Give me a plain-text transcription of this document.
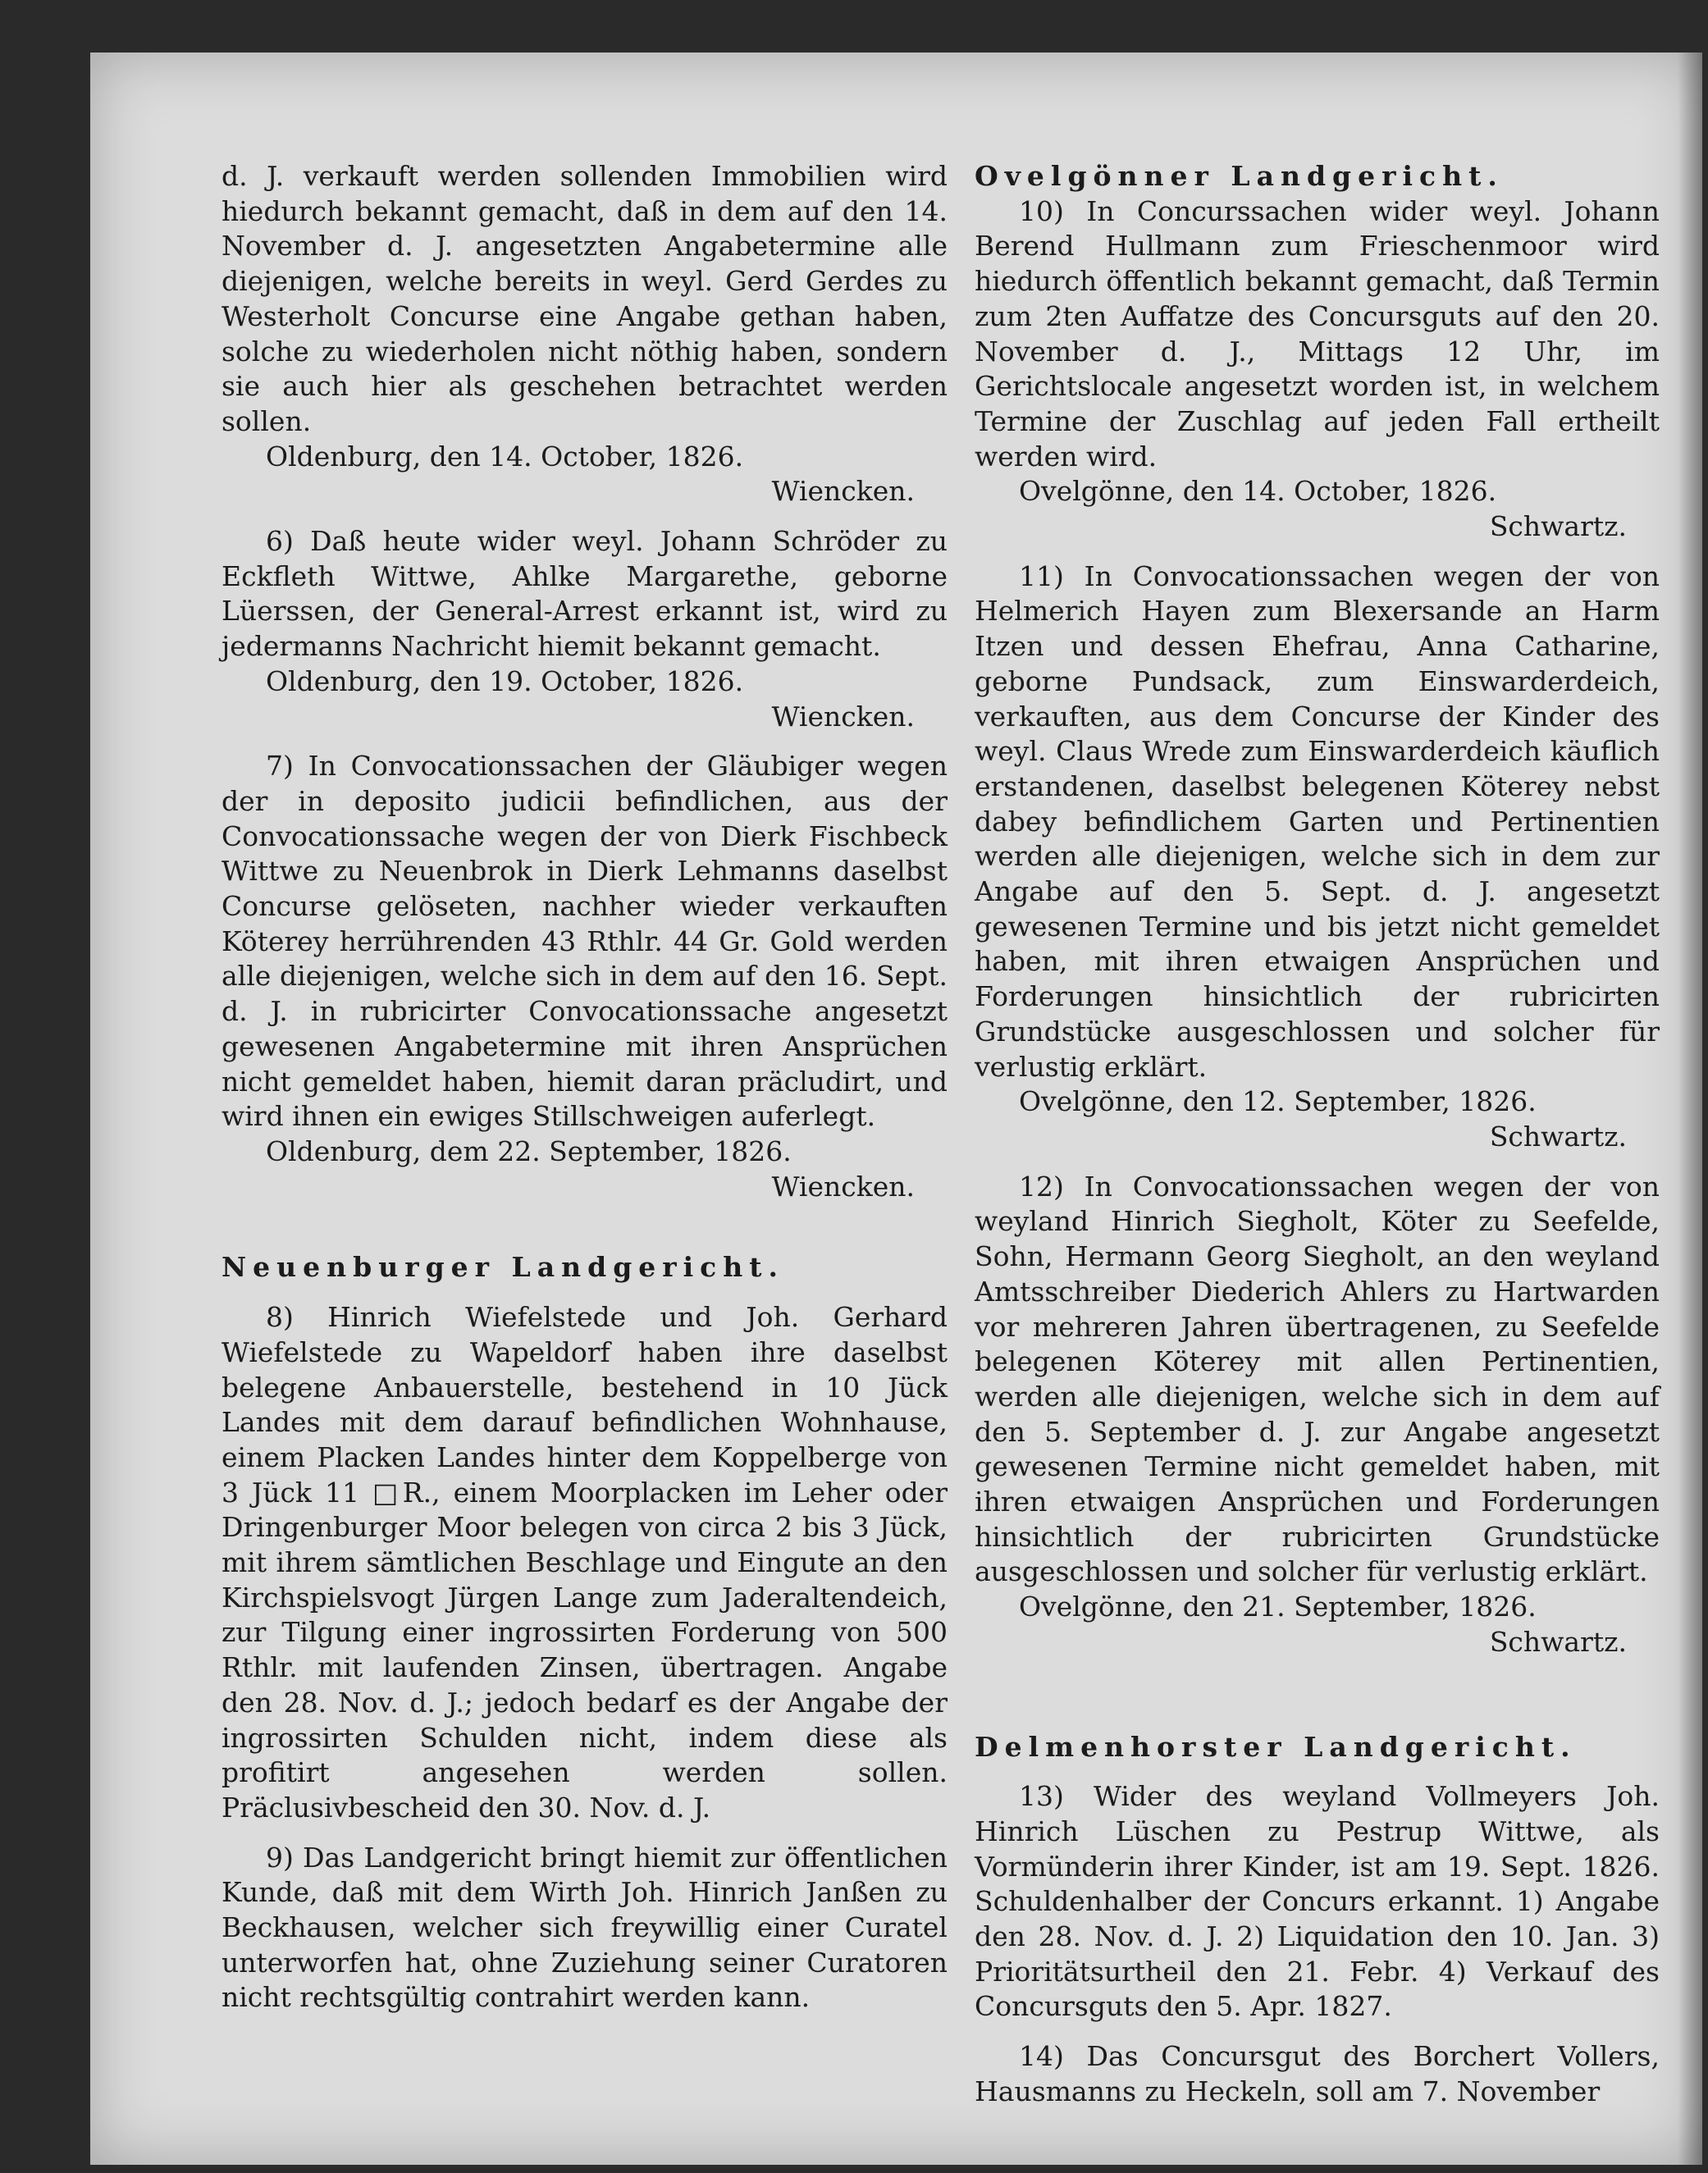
d. J. verkauft werden sollenden Immobilien wird hiedurch bekannt gemacht, daß in dem auf den 14. November d. J. angesetzten Angabetermine alle diejenigen, welche bereits in weyl. Gerd Gerdes zu Westerholt Concurse eine Angabe gethan haben, solche zu wiederholen nicht nöthig haben, sondern sie auch hier als geschehen betrachtet werden sollen.

Oldenburg, den 14. October, 1826.

Wiencken.

6) Daß heute wider weyl. Johann Schröder zu Eckfleth Wittwe, Ahlke Margarethe, geborne Lüerssen, der General-Arrest erkannt ist, wird zu jedermanns Nachricht hiemit bekannt gemacht.

Oldenburg, den 19. October, 1826.

Wiencken.

7) In Convocationssachen der Gläubiger wegen der in deposito judicii befindlichen, aus der Convocationssache wegen der von Dierk Fischbeck Wittwe zu Neuenbrok in Dierk Lehmanns daselbst Concurse gelöseten, nachher wieder verkauften Köterey herrührenden 43 Rthlr. 44 Gr. Gold werden alle diejenigen, welche sich in dem auf den 16. Sept. d. J. in rubricirter Convocationssache angesetzt gewesenen Angabetermine mit ihren Ansprüchen nicht gemeldet haben, hiemit daran präcludirt, und wird ihnen ein ewiges Stillschweigen auferlegt.

Oldenburg, dem 22. September, 1826.

Wiencken.

Neuenburger Landgericht.

8) Hinrich Wiefelstede und Joh. Gerhard Wiefelstede zu Wapeldorf haben ihre daselbst belegene Anbauerstelle, bestehend in 10 Jück Landes mit dem darauf befindlichen Wohnhause, einem Placken Landes hinter dem Koppelberge von 3 Jück 11 □R., einem Moorplacken im Leher oder Dringenburger Moor belegen von circa 2 bis 3 Jück, mit ihrem sämtlichen Beschlage und Eingute an den Kirchspielsvogt Jürgen Lange zum Jaderaltendeich, zur Tilgung einer ingrossirten Forderung von 500 Rthlr. mit laufenden Zinsen, übertragen. Angabe den 28. Nov. d. J.; jedoch bedarf es der Angabe der ingrossirten Schulden nicht, indem diese als profitirt angesehen werden sollen. Präclusivbescheid den 30. Nov. d. J.

9) Das Landgericht bringt hiemit zur öffentlichen Kunde, daß mit dem Wirth Joh. Hinrich Janßen zu Beckhausen, welcher sich freywillig einer Curatel unterworfen hat, ohne Zuziehung seiner Curatoren nicht rechtsgültig contrahirt werden kann.

Ovelgönner Landgericht.

10) In Concurssachen wider weyl. Johann Berend Hullmann zum Frieschenmoor wird hiedurch öffentlich bekannt gemacht, daß Termin zum 2ten Auffatze des Concursguts auf den 20. November d. J., Mittags 12 Uhr, im Gerichtslocale angesetzt worden ist, in welchem Termine der Zuschlag auf jeden Fall ertheilt werden wird.

Ovelgönne, den 14. October, 1826.

Schwartz.

11) In Convocationssachen wegen der von Helmerich Hayen zum Blexersande an Harm Itzen und dessen Ehefrau, Anna Catharine, geborne Pundsack, zum Einswarderdeich, verkauften, aus dem Concurse der Kinder des weyl. Claus Wrede zum Einswarderdeich käuflich erstandenen, daselbst belegenen Köterey nebst dabey befindlichem Garten und Pertinentien werden alle diejenigen, welche sich in dem zur Angabe auf den 5. Sept. d. J. angesetzt gewesenen Termine und bis jetzt nicht gemeldet haben, mit ihren etwaigen Ansprüchen und Forderungen hinsichtlich der rubricirten Grundstücke ausgeschlossen und solcher für verlustig erklärt.

Ovelgönne, den 12. September, 1826.

Schwartz.

12) In Convocationssachen wegen der von weyland Hinrich Siegholt, Köter zu Seefelde, Sohn, Hermann Georg Siegholt, an den weyland Amtsschreiber Diederich Ahlers zu Hartwarden vor mehreren Jahren übertragenen, zu Seefelde belegenen Köterey mit allen Pertinentien, werden alle diejenigen, welche sich in dem auf den 5. September d. J. zur Angabe angesetzt gewesenen Termine nicht gemeldet haben, mit ihren etwaigen Ansprüchen und Forderungen hinsichtlich der rubricirten Grundstücke ausgeschlossen und solcher für verlustig erklärt.

Ovelgönne, den 21. September, 1826.

Schwartz.

Delmenhorster Landgericht.

13) Wider des weyland Vollmeyers Joh. Hinrich Lüschen zu Pestrup Wittwe, als Vormünderin ihrer Kinder, ist am 19. Sept. 1826. Schuldenhalber der Concurs erkannt. 1) Angabe den 28. Nov. d. J. 2) Liquidation den 10. Jan. 3) Prioritätsurtheil den 21. Febr. 4) Verkauf des Concursguts den 5. Apr. 1827.

14) Das Concursgut des Borchert Vollers, Hausmanns zu Heckeln, soll am 7. November
